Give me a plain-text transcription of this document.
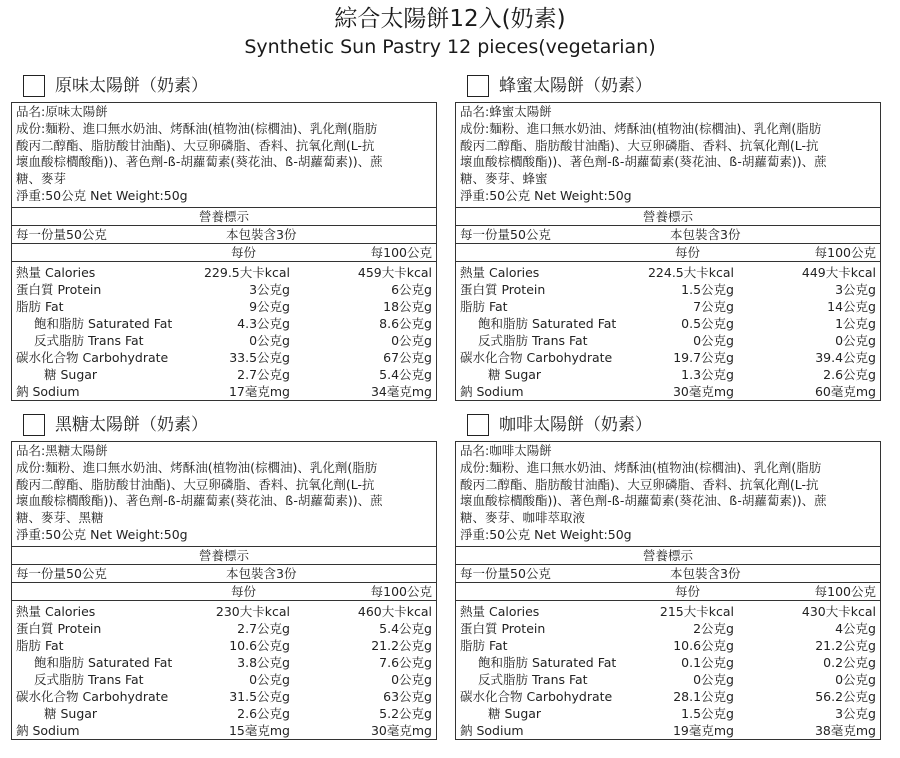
綜合太陽餅12入(奶素)
Synthetic Sun Pastry 12 pieces(vegetarian)
原味太陽餅（奶素）
品名:原味太陽餅
成份:麵粉、進口無水奶油、烤酥油(植物油(棕櫚油)、乳化劑(脂肪
酸丙二醇酯、脂肪酸甘油酯)、大豆卵磷脂、香料、抗氧化劑(L-抗
壞血酸棕櫚酸酯))、著色劑-ß-胡蘿蔔素(葵花油、ß-胡蘿蔔素))、蔗
糖、麥芽
淨重:50公克 Net Weight:50g
營養標示
每一份量50公克	本包裝含3份
每份	每100公克
熱量 Calories	229.5大卡kcal	459大卡kcal
蛋白質 Protein	3公克g	6公克g
脂肪 Fat	9公克g	18公克g
飽和脂肪 Saturated Fat	4.3公克g	8.6公克g
反式脂肪 Trans Fat	0公克g	0公克g
碳水化合物 Carbohydrate	33.5公克g	67公克g
糖 Sugar	2.7公克g	5.4公克g
鈉 Sodium	17毫克mg	34毫克mg
蜂蜜太陽餅（奶素）
品名:蜂蜜太陽餅
成份:麵粉、進口無水奶油、烤酥油(植物油(棕櫚油)、乳化劑(脂肪
酸丙二醇酯、脂肪酸甘油酯)、大豆卵磷脂、香料、抗氧化劑(L-抗
壞血酸棕櫚酸酯))、著色劑-ß-胡蘿蔔素(葵花油、ß-胡蘿蔔素))、蔗
糖、麥芽、蜂蜜
淨重:50公克 Net Weight:50g
營養標示
每一份量50公克	本包裝含3份
每份	每100公克
熱量 Calories	224.5大卡kcal	449大卡kcal
蛋白質 Protein	1.5公克g	3公克g
脂肪 Fat	7公克g	14公克g
飽和脂肪 Saturated Fat	0.5公克g	1公克g
反式脂肪 Trans Fat	0公克g	0公克g
碳水化合物 Carbohydrate	19.7公克g	39.4公克g
糖 Sugar	1.3公克g	2.6公克g
鈉 Sodium	30毫克mg	60毫克mg
黑糖太陽餅（奶素）
品名:黑糖太陽餅
成份:麵粉、進口無水奶油、烤酥油(植物油(棕櫚油)、乳化劑(脂肪
酸丙二醇酯、脂肪酸甘油酯)、大豆卵磷脂、香料、抗氧化劑(L-抗
壞血酸棕櫚酸酯))、著色劑-ß-胡蘿蔔素(葵花油、ß-胡蘿蔔素))、蔗
糖、麥芽、黑糖
淨重:50公克 Net Weight:50g
營養標示
每一份量50公克	本包裝含3份
每份	每100公克
熱量 Calories	230大卡kcal	460大卡kcal
蛋白質 Protein	2.7公克g	5.4公克g
脂肪 Fat	10.6公克g	21.2公克g
飽和脂肪 Saturated Fat	3.8公克g	7.6公克g
反式脂肪 Trans Fat	0公克g	0公克g
碳水化合物 Carbohydrate	31.5公克g	63公克g
糖 Sugar	2.6公克g	5.2公克g
鈉 Sodium	15毫克mg	30毫克mg
咖啡太陽餅（奶素）
品名:咖啡太陽餅
成份:麵粉、進口無水奶油、烤酥油(植物油(棕櫚油)、乳化劑(脂肪
酸丙二醇酯、脂肪酸甘油酯)、大豆卵磷脂、香料、抗氧化劑(L-抗
壞血酸棕櫚酸酯))、著色劑-ß-胡蘿蔔素(葵花油、ß-胡蘿蔔素))、蔗
糖、麥芽、咖啡萃取液
淨重:50公克 Net Weight:50g
營養標示
每一份量50公克	本包裝含3份
每份	每100公克
熱量 Calories	215大卡kcal	430大卡kcal
蛋白質 Protein	2公克g	4公克g
脂肪 Fat	10.6公克g	21.2公克g
飽和脂肪 Saturated Fat	0.1公克g	0.2公克g
反式脂肪 Trans Fat	0公克g	0公克g
碳水化合物 Carbohydrate	28.1公克g	56.2公克g
糖 Sugar	1.5公克g	3公克g
鈉 Sodium	19毫克mg	38毫克mg
